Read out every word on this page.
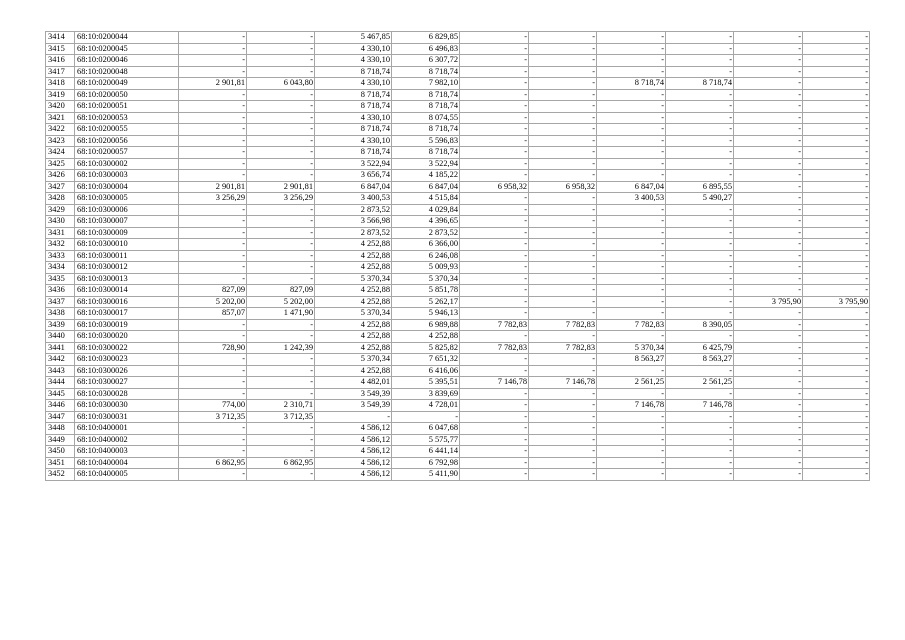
3414	68:10:0200044	-	-	5 467,85	6 829,85	-	-	-	-	-	-
3415	68:10:0200045	-	-	4 330,10	6 496,83	-	-	-	-	-	-
3416	68:10:0200046	-	-	4 330,10	6 307,72	-	-	-	-	-	-
3417	68:10:0200048	-	-	8 718,74	8 718,74	-	-	-	-	-	-
3418	68:10:0200049	2 901,81	6 043,80	4 330,10	7 982,10	-	-	8 718,74	8 718,74	-	-
3419	68:10:0200050	-	-	8 718,74	8 718,74	-	-	-	-	-	-
3420	68:10:0200051	-	-	8 718,74	8 718,74	-	-	-	-	-	-
3421	68:10:0200053	-	-	4 330,10	8 074,55	-	-	-	-	-	-
3422	68:10:0200055	-	-	8 718,74	8 718,74	-	-	-	-	-	-
3423	68:10:0200056	-	-	4 330,10	5 596,83	-	-	-	-	-	-
3424	68:10:0200057	-	-	8 718,74	8 718,74	-	-	-	-	-	-
3425	68:10:0300002	-	-	3 522,94	3 522,94	-	-	-	-	-	-
3426	68:10:0300003	-	-	3 656,74	4 185,22	-	-	-	-	-	-
3427	68:10:0300004	2 901,81	2 901,81	6 847,04	6 847,04	6 958,32	6 958,32	6 847,04	6 895,55	-	-
3428	68:10:0300005	3 256,29	3 256,29	3 400,53	4 515,84	-	-	3 400,53	5 490,27	-	-
3429	68:10:0300006	-	-	2 873,52	4 029,84	-	-	-	-	-	-
3430	68:10:0300007	-	-	3 566,98	4 396,65	-	-	-	-	-	-
3431	68:10:0300009	-	-	2 873,52	2 873,52	-	-	-	-	-	-
3432	68:10:0300010	-	-	4 252,88	6 366,00	-	-	-	-	-	-
3433	68:10:0300011	-	-	4 252,88	6 246,08	-	-	-	-	-	-
3434	68:10:0300012	-	-	4 252,88	5 009,93	-	-	-	-	-	-
3435	68:10:0300013	-	-	5 370,34	5 370,34	-	-	-	-	-	-
3436	68:10:0300014	827,09	827,09	4 252,88	5 851,78	-	-	-	-	-	-
3437	68:10:0300016	5 202,00	5 202,00	4 252,88	5 262,17	-	-	-	-	3 795,90	3 795,90
3438	68:10:0300017	857,07	1 471,90	5 370,34	5 946,13	-	-	-	-	-	-
3439	68:10:0300019	-	-	4 252,88	6 989,88	7 782,83	7 782,83	7 782,83	8 390,05	-	-
3440	68:10:0300020	-	-	4 252,88	4 252,88	-	-	-	-	-	-
3441	68:10:0300022	728,90	1 242,39	4 252,88	5 825,82	7 782,83	7 782,83	5 370,34	6 425,79	-	-
3442	68:10:0300023	-	-	5 370,34	7 651,32	-	-	8 563,27	8 563,27	-	-
3443	68:10:0300026	-	-	4 252,88	6 416,06	-	-	-	-	-	-
3444	68:10:0300027	-	-	4 482,01	5 395,51	7 146,78	7 146,78	2 561,25	2 561,25	-	-
3445	68:10:0300028	-	-	3 549,39	3 839,69	-	-	-	-	-	-
3446	68:10:0300030	774,00	2 310,71	3 549,39	4 728,01	-	-	7 146,78	7 146,78	-	-
3447	68:10:0300031	3 712,35	3 712,35	-	-	-	-	-	-	-	-
3448	68:10:0400001	-	-	4 586,12	6 047,68	-	-	-	-	-	-
3449	68:10:0400002	-	-	4 586,12	5 575,77	-	-	-	-	-	-
3450	68:10:0400003	-	-	4 586,12	6 441,14	-	-	-	-	-	-
3451	68:10:0400004	6 862,95	6 862,95	4 586,12	6 792,98	-	-	-	-	-	-
3452	68:10:0400005	-	-	4 586,12	5 411,90	-	-	-	-	-	-
